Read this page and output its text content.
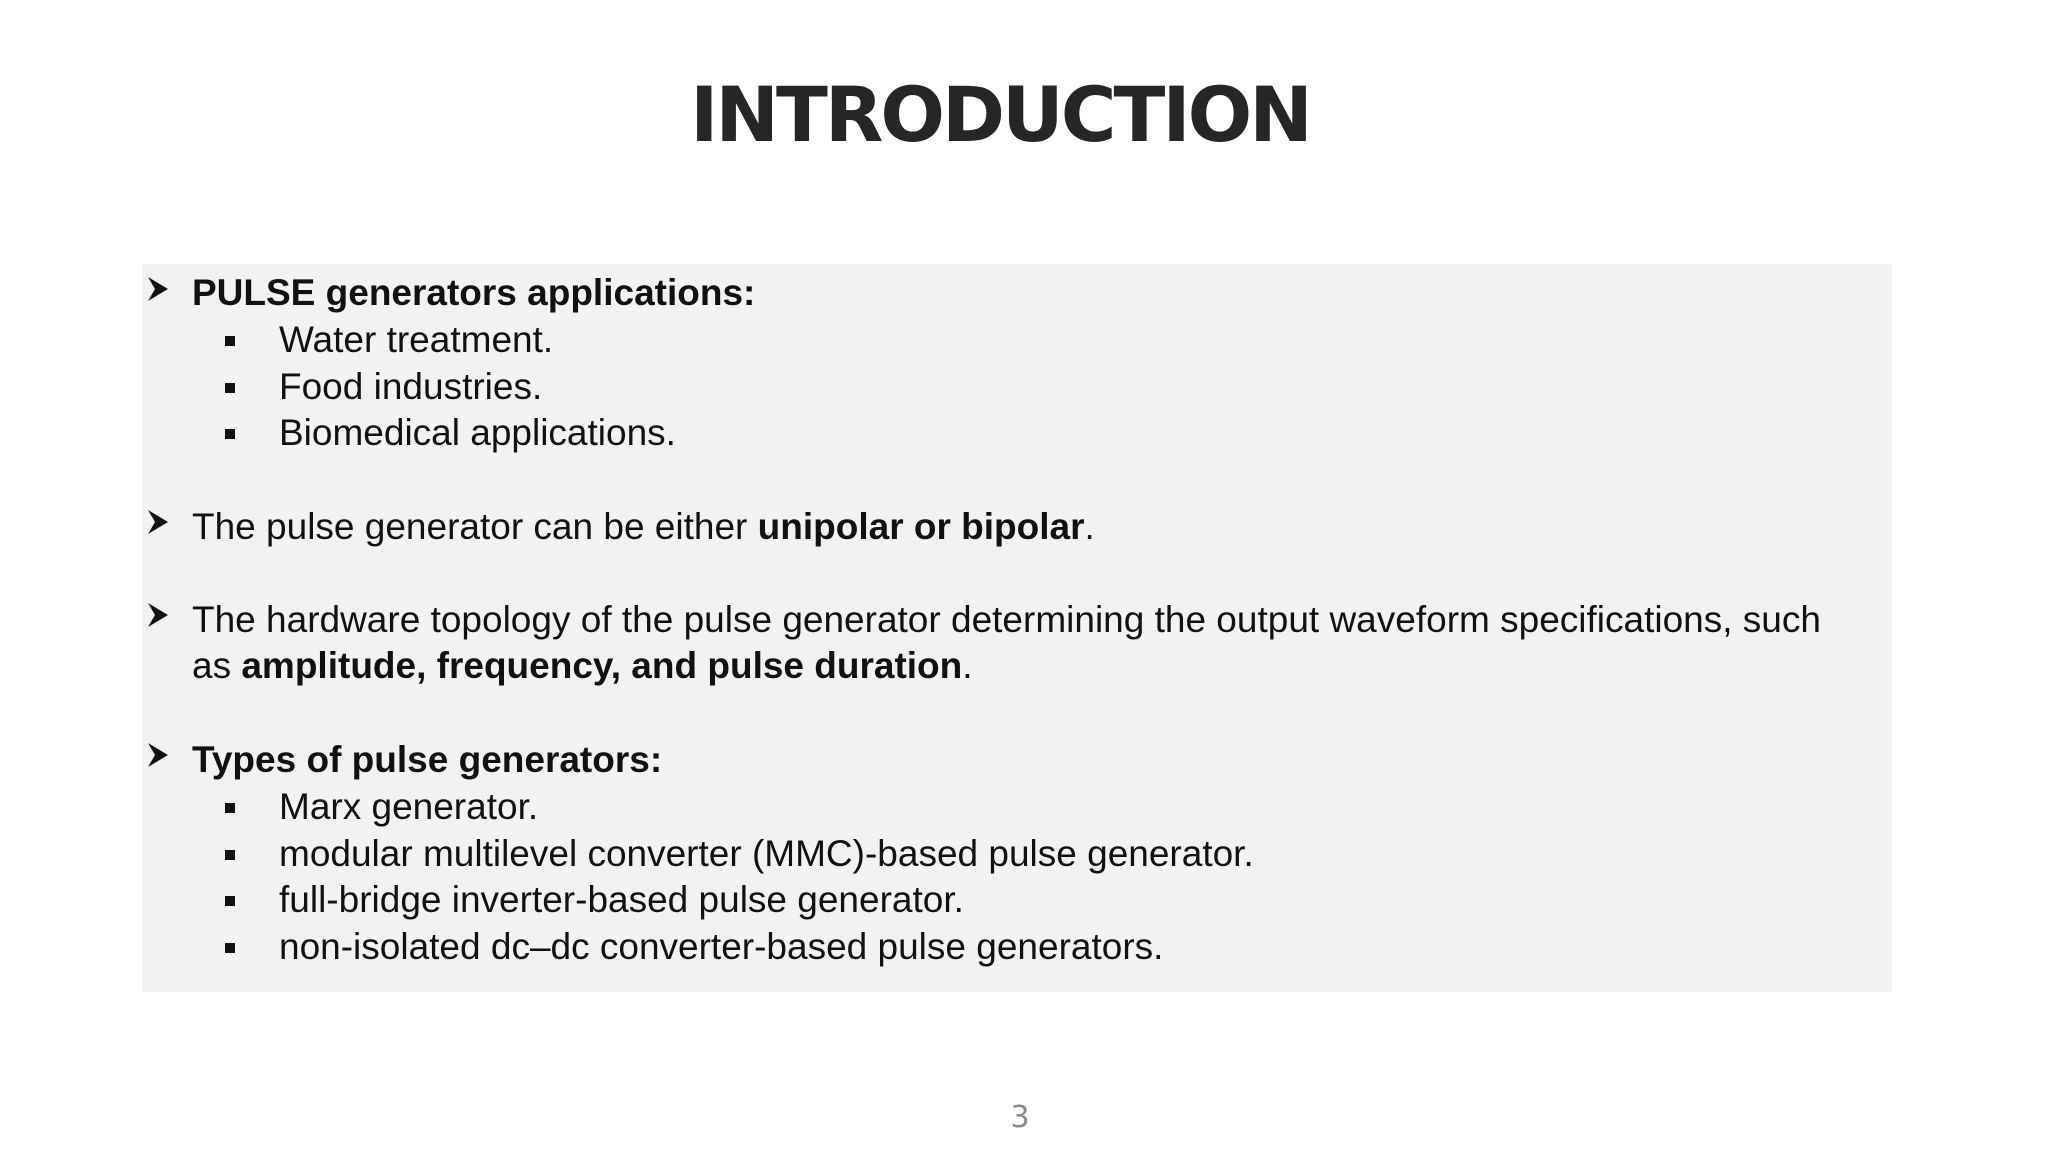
INTRODUCTION
PULSE generators applications:
Water treatment.
Food industries.
Biomedical applications.
The pulse generator can be either unipolar or bipolar.
The hardware topology of the pulse generator determining the output waveform specifications, such
as amplitude, frequency, and pulse duration.
Types of pulse generators:
Marx generator.
modular multilevel converter (MMC)-based pulse generator.
full-bridge inverter-based pulse generator.
non-isolated dc–dc converter-based pulse generators.
3
